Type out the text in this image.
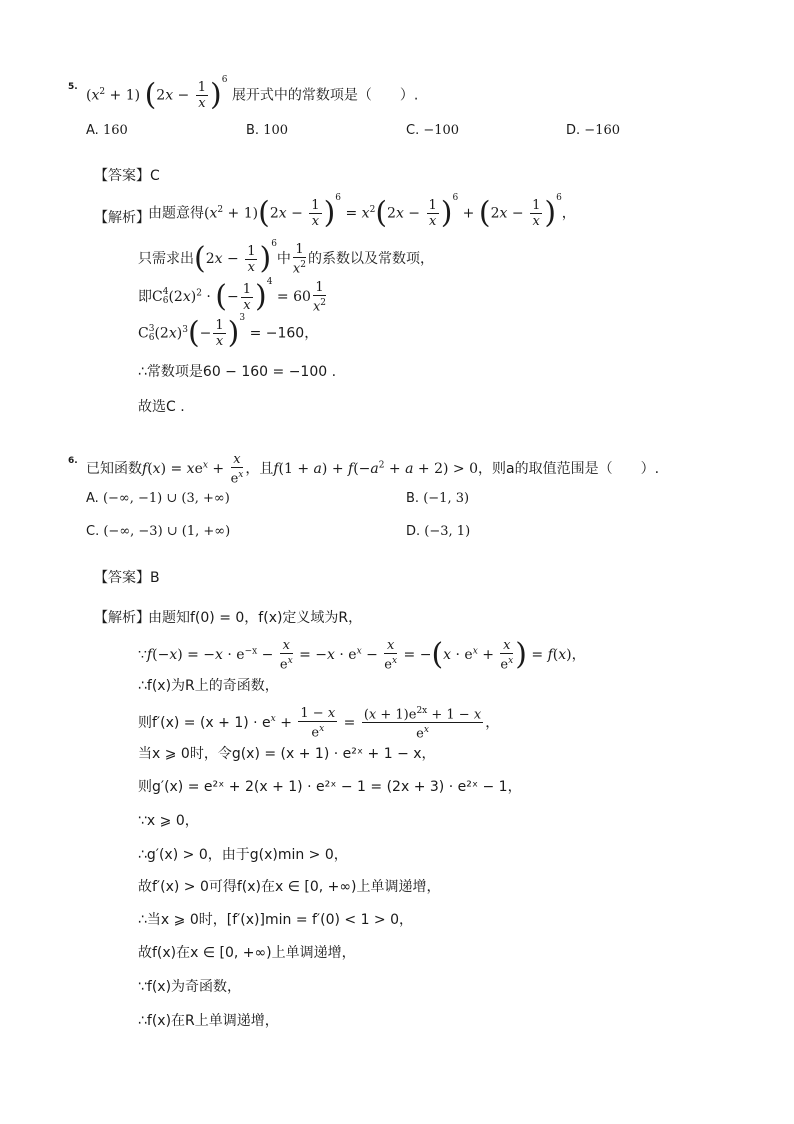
5.
$(x^2 + 1) (2x - \frac{1}{x} )^6$ 展开式中的常数项是（　　）.
A. 160	B. 100	C. −100	D. −160
【答案】C
【解析】
由题意得$(x^2 + 1)(2x - \frac{1}{x} )^6 = x^2(2x - \frac{1}{x} )^6 + (2x - \frac{1}{x} )^6$，
只需求出$(2x - \frac{1}{x} )^6$中 $\frac{1}{x^2}$ 的系数以及常数项，
即C 4
6 $(2x)^2$ · (− $\frac{1}{x} )^4 = 60 \frac{1}{x^2}$
C 3
6 $(2x)^3(- \frac{1}{x} )^3 = -160$，
∴常数项是60 − 160 = −100 .
故选C .
6.
已知函数$f(x) = xe^x + \frac{x}{e^x}$ ，且$f(1 + a) + f(-a^2 + a + 2) > 0$，则a的取值范围是（　　）.
A. (−∞, −1) ∪ (3, +∞)	B. (−1, 3)
C. (−∞, −3) ∪ (1, +∞)	D. (−3, 1)
【答案】B
【解析】
由题知f(0) = 0，f(x)定义域为R，
∵f(−x) = $-x \cdot e^{-x} - \frac{x}{e^x} = -x \cdot e^x - \frac{x}{e^x} = -(x \cdot e^x + \frac{x}{e^x}$ ) = f(x)，
∴f(x)为R上的奇函数，
则$f'(x) = (x + 1) \cdot e^x + \frac{1 - x}{e^x} = \frac{(x + 1)e^{2x} + 1 - x}{e^x}$ ，
当x ⩾ 0时，令g(x) = (x + 1) · e²ˣ + 1 − x，
则g′(x) = e²ˣ + 2(x + 1) · e²ˣ − 1 = (2x + 3) · e²ˣ − 1，
∵x ⩾ 0，
∴g′(x) > 0，由于g(x)min > 0，
故f′(x) > 0可得f(x)在x ∈ [0, +∞)上单调递增，
∴当x ⩾ 0时，[f′(x)]min = f′(0) < 1 > 0，
故f(x)在x ∈ [0, +∞)上单调递增，
∵f(x)为奇函数，
∴f(x)在R上单调递增，
